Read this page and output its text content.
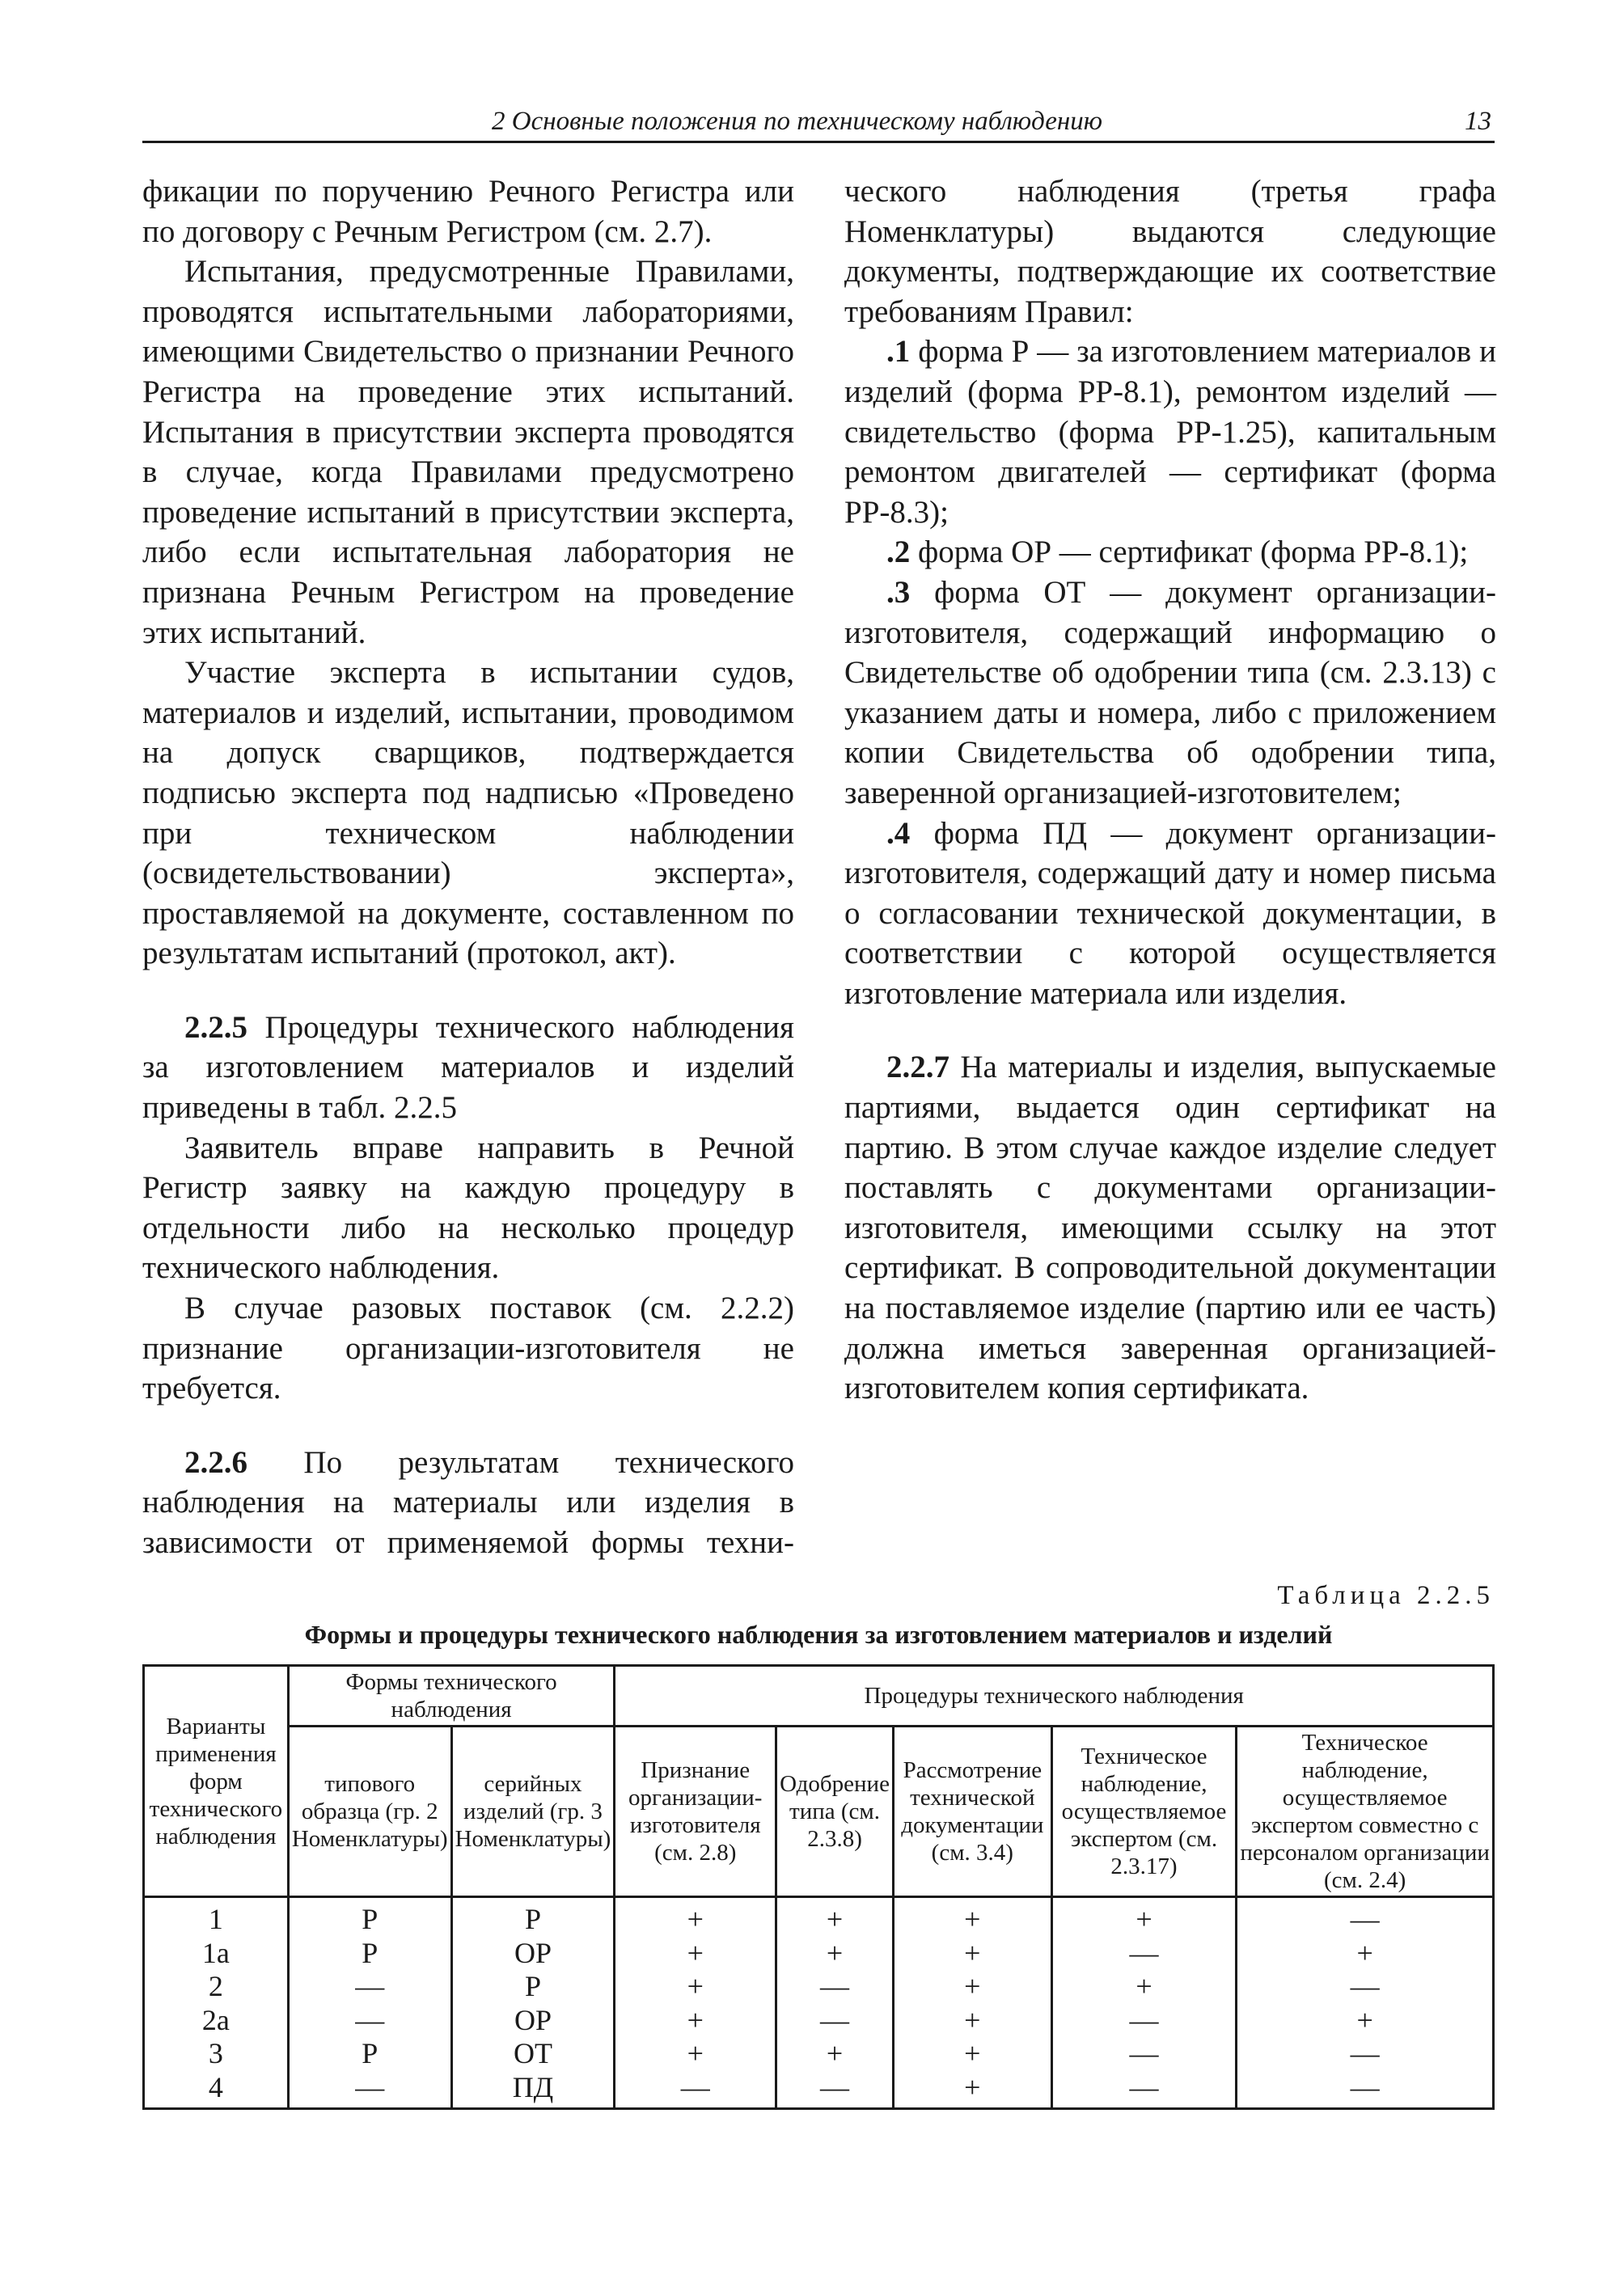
2 Основные положения по техническому наблюдению	13

фикации по поручению Речного Регистра или по договору с Речным Регистром (см. 2.7).

Испытания, предусмотренные Правилами, проводятся испытательными лабораториями, имеющими Свидетельство о признании Речного Регистра на проведение этих испытаний. Испытания в присутствии эксперта проводятся в случае, когда Правилами предусмотрено проведение испытаний в присутствии эксперта, либо если испытательная лаборатория не признана Речным Регистром на проведение этих испытаний.

Участие эксперта в испытании судов, материалов и изделий, испытании, проводимом на допуск сварщиков, подтверждается подписью эксперта под надписью «Проведено при техническом наблюдении (освидетельствовании) эксперта», проставляемой на документе, составленном по результатам испытаний (протокол, акт).

2.2.5 Процедуры технического наблюдения за изготовлением материалов и изделий приведены в табл. 2.2.5

Заявитель вправе направить в Речной Регистр заявку на каждую процедуру в отдельности либо на несколько процедур технического наблюдения.

В случае разовых поставок (см. 2.2.2) признание организации-изготовителя не требуется.

2.2.6 По результатам технического наблюдения на материалы или изделия в зависимости от применяемой формы техни-

ческого наблюдения (третья графа Номенклатуры) выдаются следующие документы, подтверждающие их соответствие требованиям Правил:

.1 форма Р — за изготовлением материалов и изделий (форма РР-8.1), ремонтом изделий — свидетельство (форма РР-1.25), капитальным ремонтом двигателей — сертификат (форма РР-8.3);

.2 форма ОР — сертификат (форма РР-8.1);

.3 форма ОТ — документ организации-изготовителя, содержащий информацию о Свидетельстве об одобрении типа (см. 2.3.13) с указанием даты и номера, либо с приложением копии Свидетельства об одобрении типа, заверенной организацией-изготовителем;

.4 форма ПД — документ организации-изготовителя, содержащий дату и номер письма о согласовании технической документации, в соответствии с которой осуществляется изготовление материала или изделия.

2.2.7 На материалы и изделия, выпускаемые партиями, выдается один сертификат на партию. В этом случае каждое изделие следует поставлять с документами организации-изготовителя, имеющими ссылку на этот сертификат. В сопроводительной документации на поставляемое изделие (партию или ее часть) должна иметься заверенная организацией-изготовителем копия сертификата.

Таблица 2.2.5
Формы и процедуры технического наблюдения за изготовлением материалов и изделий
Варианты применения форм технического наблюдения	Формы технического наблюдения		Процедуры технического наблюдения				
	типового образца (гр. 2 Номенклатуры)	серийных изделий (гр. 3 Номенклатуры)	Признание организации-изготовителя (см. 2.8)	Одобрение типа (см. 2.3.8)	Рассмотрение технической документации (см. 3.4)	Техническое наблюдение, осуществляемое экспертом (см. 2.3.17)	Техническое наблюдение, осуществляемое экспертом совместно с персоналом организации (см. 2.4)
1	Р	Р	+	+	+	+	—
1а	Р	ОР	+	+	+	—	+
2	—	Р	+	—	+	+	—
2а	—	ОР	+	—	+	—	+
3	Р	ОТ	+	+	+	—	—
4	—	ПД	—	—	+	—	—
